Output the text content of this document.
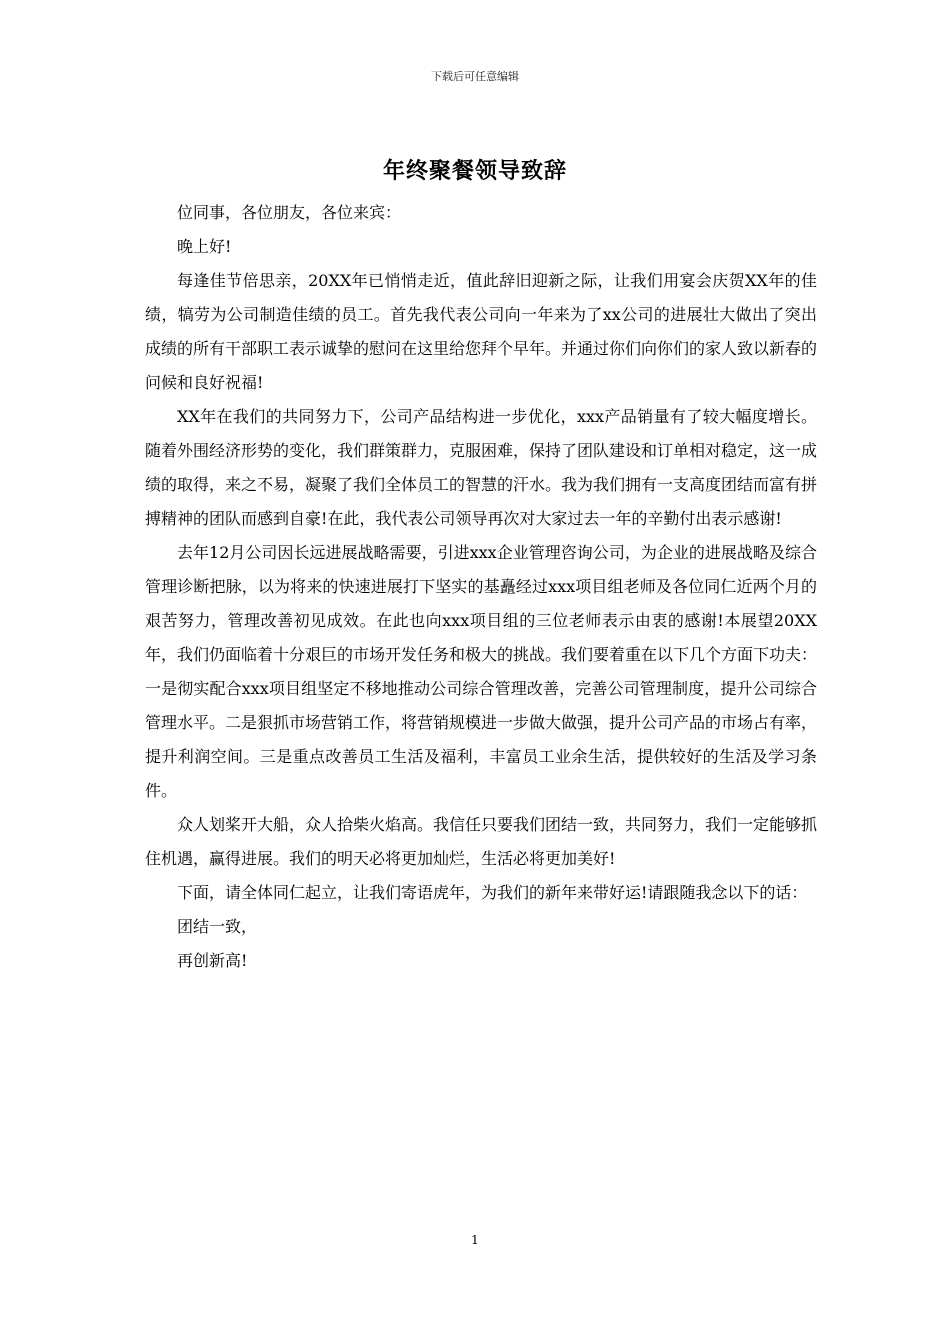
下载后可任意编辑
年终聚餐领导致辞

位同事，各位朋友，各位来宾：

晚上好!

每逢佳节倍思亲，20XX年已悄悄走近，值此辞旧迎新之际，让我们用宴会庆贺XX年的佳绩，犒劳为公司制造佳绩的员工。首先我代表公司向一年来为了xx公司的进展壮大做出了突出成绩的所有干部职工表示诚挚的慰问在这里给您拜个早年。并通过你们向你们的家人致以新春的问候和良好祝福!

XX年在我们的共同努力下，公司产品结构进一步优化，xxx产品销量有了较大幅度增长。随着外围经济形势的变化，我们群策群力，克服困难，保持了团队建设和订单相对稳定，这一成绩的取得，来之不易，凝聚了我们全体员工的智慧的汗水。我为我们拥有一支高度团结而富有拼搏精神的团队而感到自豪!在此，我代表公司领导再次对大家过去一年的辛勤付出表示感谢!

去年12月公司因长远进展战略需要，引进xxx企业管理咨询公司，为企业的进展战略及综合管理诊断把脉，以为将来的快速进展打下坚实的基矗经过xxx项目组老师及各位同仁近两个月的艰苦努力，管理改善初见成效。在此也向xxx项目组的三位老师表示由衷的感谢!本展望20XX年，我们仍面临着十分艰巨的市场开发任务和极大的挑战。我们要着重在以下几个方面下功夫：一是彻实配合xxx项目组坚定不移地推动公司综合管理改善，完善公司管理制度，提升公司综合管理水平。二是狠抓市场营销工作，将营销规模进一步做大做强，提升公司产品的市场占有率，提升利润空间。三是重点改善员工生活及福利，丰富员工业余生活，提供较好的生活及学习条件。

众人划桨开大船，众人拾柴火焰高。我信任只要我们团结一致，共同努力，我们一定能够抓住机遇，赢得进展。我们的明天必将更加灿烂，生活必将更加美好!

下面，请全体同仁起立，让我们寄语虎年，为我们的新年来带好运!请跟随我念以下的话：

团结一致，

再创新高!

1
